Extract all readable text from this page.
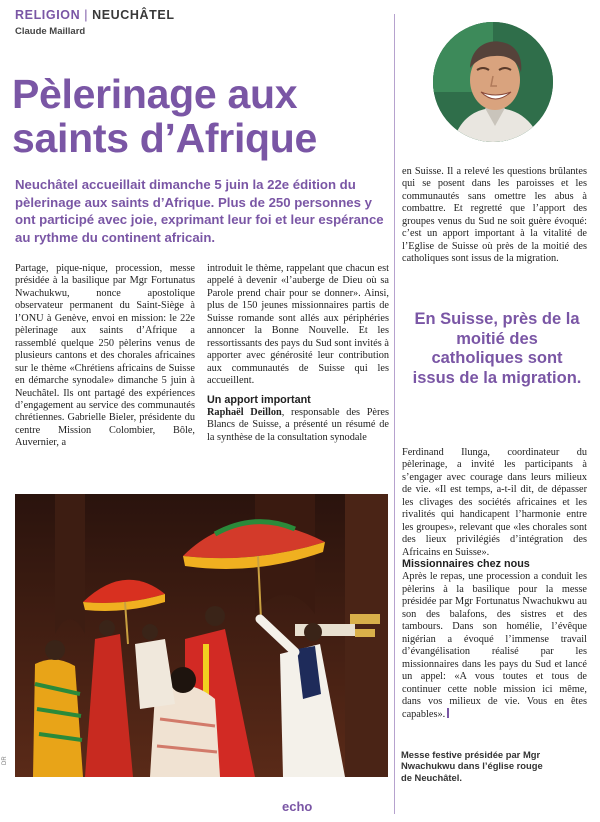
RELIGION | NEUCHÂTEL
Claude Maillard
Pèlerinage aux saints d’Afrique

Neuchâtel accueillait dimanche 5 juin la 22e édition du pèlerinage aux saints d’Afrique. Plus de 250 personnes y ont participé avec joie, exprimant leur foi et leur espérance au rythme du continent africain.

Partage, pique-nique, procession, messe présidée à la basilique par Mgr Fortunatus Nwachukwu, nonce apostolique observateur permanent du Saint-Siège à l’ONU à Genève, envoi en mission: le 22e pèlerinage aux saints d’Afrique a rassemblé quelque 250 pèlerins venus de plusieurs cantons et des chorales africaines sur le thème «Chrétiens africains de Suisse en démarche synodale» dimanche 5 juin à Neuchâtel. Ils ont partagé des expériences d’engagement au service des communautés chrétiennes. Gabrielle Bieler, présidente du centre Mission Colombier, Bôle, Auvernier, a

introduit le thème, rappelant que chacun est appelé à devenir «l’auberge de Dieu où sa Parole prend chair pour se donner». Ainsi, plus de 150 jeunes missionnaires partis de Suisse romande sont allés aux périphéries annoncer la Bonne Nouvelle. Et les ressortissants des pays du Sud sont invités à apporter avec générosité leur contribution aux communautés de Suisse qui les accueillent.

Un apport important

Raphaël Deillon, responsable des Pères Blancs de Suisse, a présenté un résumé de la synthèse de la consultation synodale

en Suisse. Il a relevé les questions brûlantes qui se posent dans les paroisses et les communautés sans omettre les abus à combattre. Et regretté que l’apport des groupes venus du Sud ne soit guère évoqué: c’est un apport important à la vitalité de l’Eglise de Suisse où près de la moitié des catholiques sont issus de la migration.

En Suisse, près de la moitié des catholiques sont issus de la migration.

Ferdinand Ilunga, coordinateur du pèlerinage, a invité les participants à s’engager avec courage dans leurs milieux de vie. «Il est temps, a-t-il dit, de dépasser les clivages des sociétés africaines et les rivalités qui handicapent l’harmonie entre les groupes», relevant que «les chorales sont des lieux privilégiés d’intégration des Africains en Suisse».

Missionnaires chez nous

Après le repas, une procession a conduit les pèlerins à la basilique pour la messe présidée par Mgr Fortunatus Nwachukwu au son des balafons, des sistres et des tambours. Dans son homélie, l’évêque nigérian a évoqué l’immense travail d’évangélisation réalisé par les missionnaires dans les pays du Sud et lancé un appel: «A vous toutes et tous de continuer cette noble mission ici même, dans vos milieux de vie. Vous en êtes capables».

DR
Messe festive présidée par Mgr Nwachukwu dans l’église rouge de Neuchâtel.
echo
